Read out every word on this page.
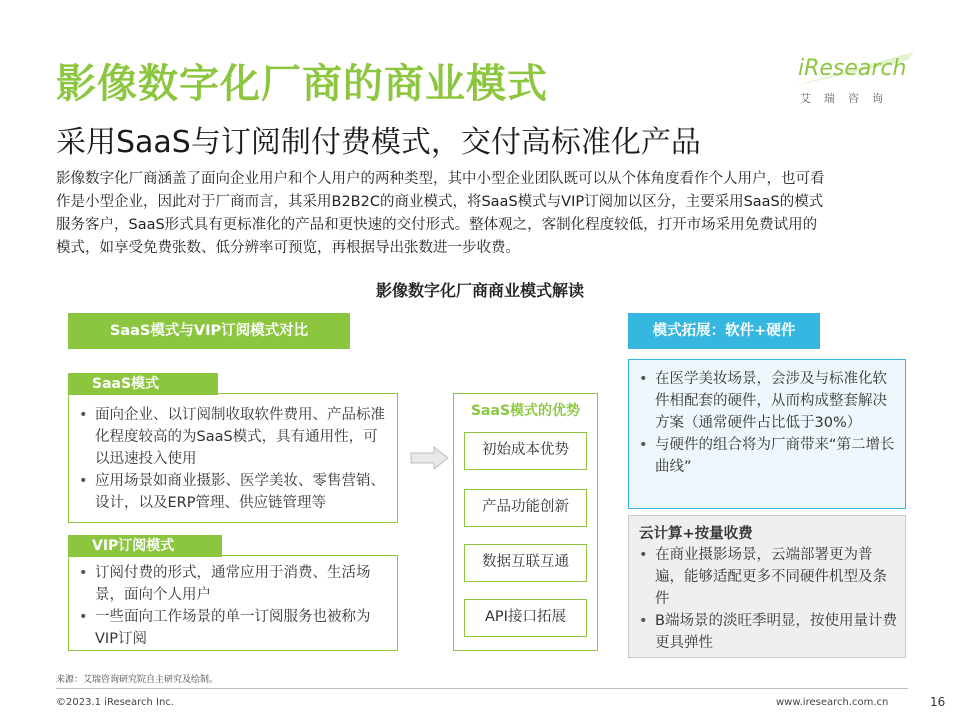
影像数字化厂商的商业模式
采用SaaS与订阅制付费模式，交付高标准化产品
iResearch
艾瑞咨询
影像数字化厂商涵盖了面向企业用户和个人用户的两种类型，其中小型企业团队既可以从个体角度看作个人用户，也可看
作是小型企业，因此对于厂商而言，其采用B2B2C的商业模式，将SaaS模式与VIP订阅加以区分，主要采用SaaS的模式
服务客户，SaaS形式具有更标准化的产品和更快速的交付形式。整体观之，客制化程度较低，打开市场采用免费试用的
模式，如享受免费张数、低分辨率可预览，再根据导出张数进一步收费。
影像数字化厂商商业模式解读
SaaS模式与VIP订阅模式对比
• 面向企业、以订阅制收取软件费用、产品标准化程度较高的为SaaS模式，具有通用性，可以迅速投入使用
• 应用场景如商业摄影、医学美妆、零售营销、设计，以及ERP管理、供应链管理等
SaaS模式
• 订阅付费的形式，通常应用于消费、生活场景，面向个人用户
• 一些面向工作场景的单一订阅服务也被称为VIP订阅
VIP订阅模式
SaaS模式的优势
初始成本优势
产品功能创新
数据互联互通
API接口拓展
模式拓展：软件+硬件
• 在医学美妆场景，会涉及与标准化软件相配套的硬件，从而构成整套解决方案（通常硬件占比低于30%）
• 与硬件的组合将为厂商带来“第二增长曲线”
云计算+按量收费
• 在商业摄影场景，云端部署更为普遍，能够适配更多不同硬件机型及条件
• B端场景的淡旺季明显，按使用量计费更具弹性
来源：艾瑞咨询研究院自主研究及绘制。
©2023.1 iResearch Inc.	www.iresearch.com.cn	16
